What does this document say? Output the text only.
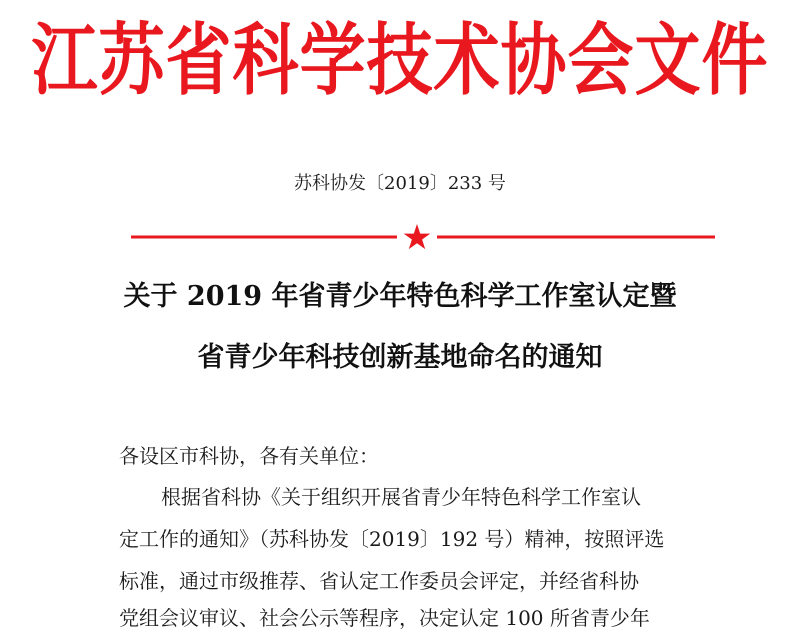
江苏省科学技术协会文件
苏科协发〔2019〕233 号
关于 2019 年省青少年特色科学工作室认定暨
省青少年科技创新基地命名的通知
各设区市科协，各有关单位：
根据省科协《关于组织开展省青少年特色科学工作室认
定工作的通知》（苏科协发〔2019〕192 号）精神，按照评选
标准，通过市级推荐、省认定工作委员会评定，并经省科协
党组会议审议、社会公示等程序，决定认定 100 所省青少年
